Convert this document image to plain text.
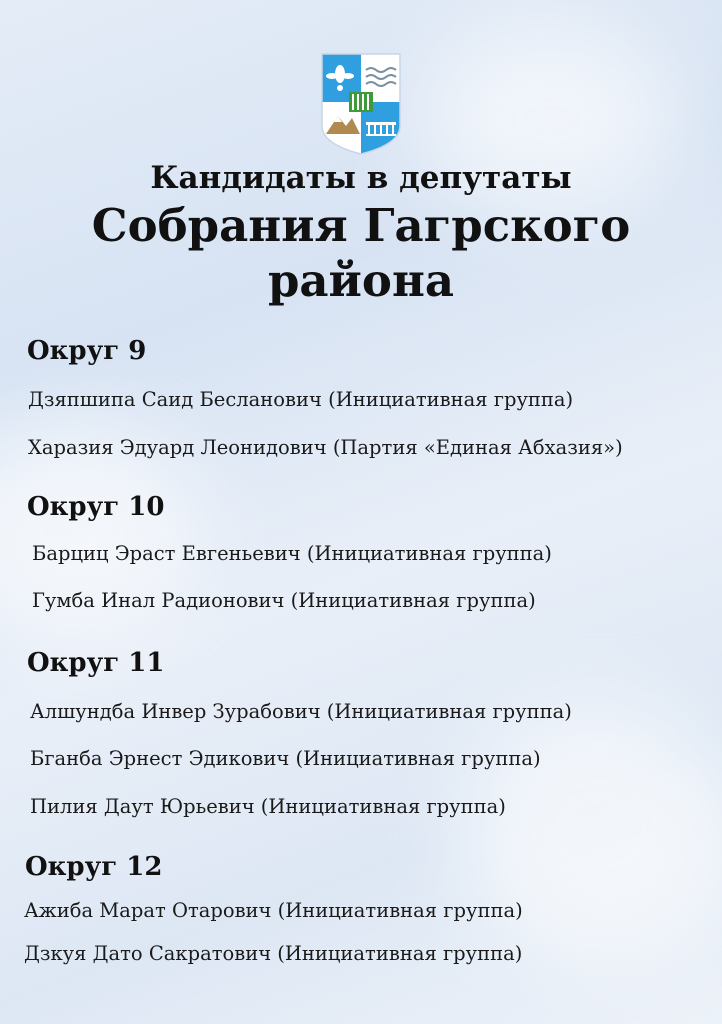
Кандидаты в депутаты
Собрания Гагрского
района
Округ 9
Дзяпшипа Саид Бесланович (Инициативная группа)
Харазия Эдуард Леонидович (Партия «Единая Абхазия»)
Округ 10
Барциц Эраст Евгеньевич (Инициативная группа)
Гумба Инал Радионович (Инициативная группа)
Округ 11
Алшундба Инвер Зурабович (Инициативная группа)
Бганба Эрнест Эдикович (Инициативная группа)
Пилия Даут Юрьевич (Инициативная группа)
Округ 12
Ажиба Марат Отарович (Инициативная группа)
Дзкуя Дато Сакратович (Инициативная группа)
